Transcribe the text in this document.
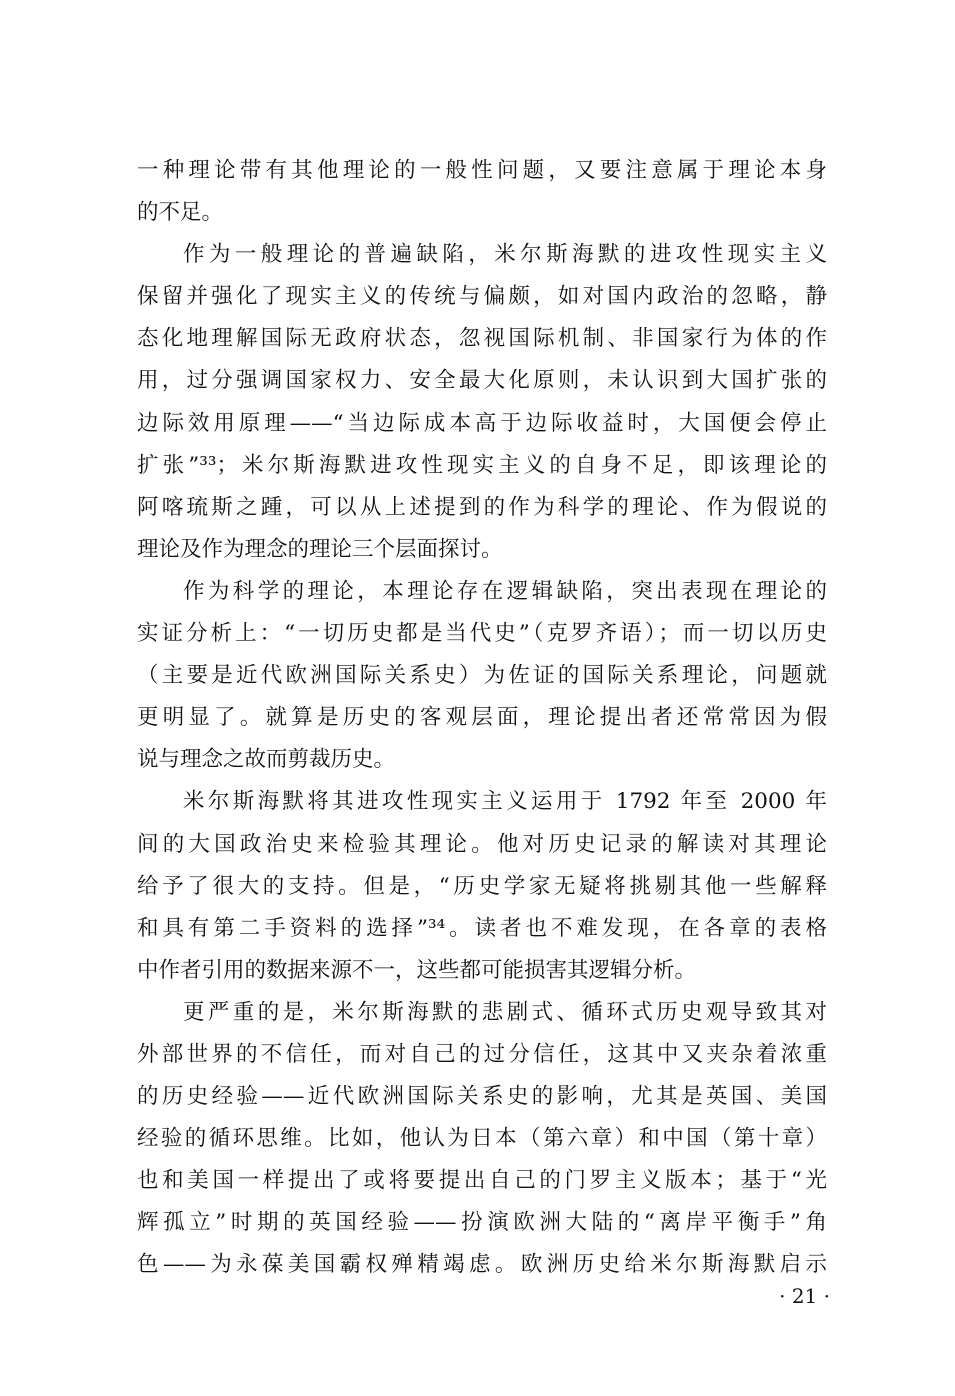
一种理论带有其他理论的一般性问题，又要注意属于理论本身
的不足。
作为一般理论的普遍缺陷，米尔斯海默的进攻性现实主义
保留并强化了现实主义的传统与偏颇，如对国内政治的忽略，静
态化地理解国际无政府状态，忽视国际机制、非国家行为体的作
用，过分强调国家权力、安全最大化原则，未认识到大国扩张的
边际效用原理——“当边际成本高于边际收益时，大国便会停止
扩张”³³；米尔斯海默进攻性现实主义的自身不足，即该理论的
阿喀琉斯之踵，可以从上述提到的作为科学的理论、作为假说的
理论及作为理念的理论三个层面探讨。
作为科学的理论，本理论存在逻辑缺陷，突出表现在理论的
实证分析上：“一切历史都是当代史”（克罗齐语）；而一切以历史
（主要是近代欧洲国际关系史）为佐证的国际关系理论，问题就
更明显了。就算是历史的客观层面，理论提出者还常常因为假
说与理念之故而剪裁历史。
米尔斯海默将其进攻性现实主义运用于 1792 年至 2000 年
间的大国政治史来检验其理论。他对历史记录的解读对其理论
给予了很大的支持。但是，“历史学家无疑将挑剔其他一些解释
和具有第二手资料的选择”³⁴。读者也不难发现，在各章的表格
中作者引用的数据来源不一，这些都可能损害其逻辑分析。
更严重的是，米尔斯海默的悲剧式、循环式历史观导致其对
外部世界的不信任，而对自己的过分信任，这其中又夹杂着浓重
的历史经验——近代欧洲国际关系史的影响，尤其是英国、美国
经验的循环思维。比如，他认为日本（第六章）和中国（第十章）
也和美国一样提出了或将要提出自己的门罗主义版本；基于“光
辉孤立”时期的英国经验——扮演欧洲大陆的“离岸平衡手”角
色——为永葆美国霸权殚精竭虑。欧洲历史给米尔斯海默启示
· 21 ·
